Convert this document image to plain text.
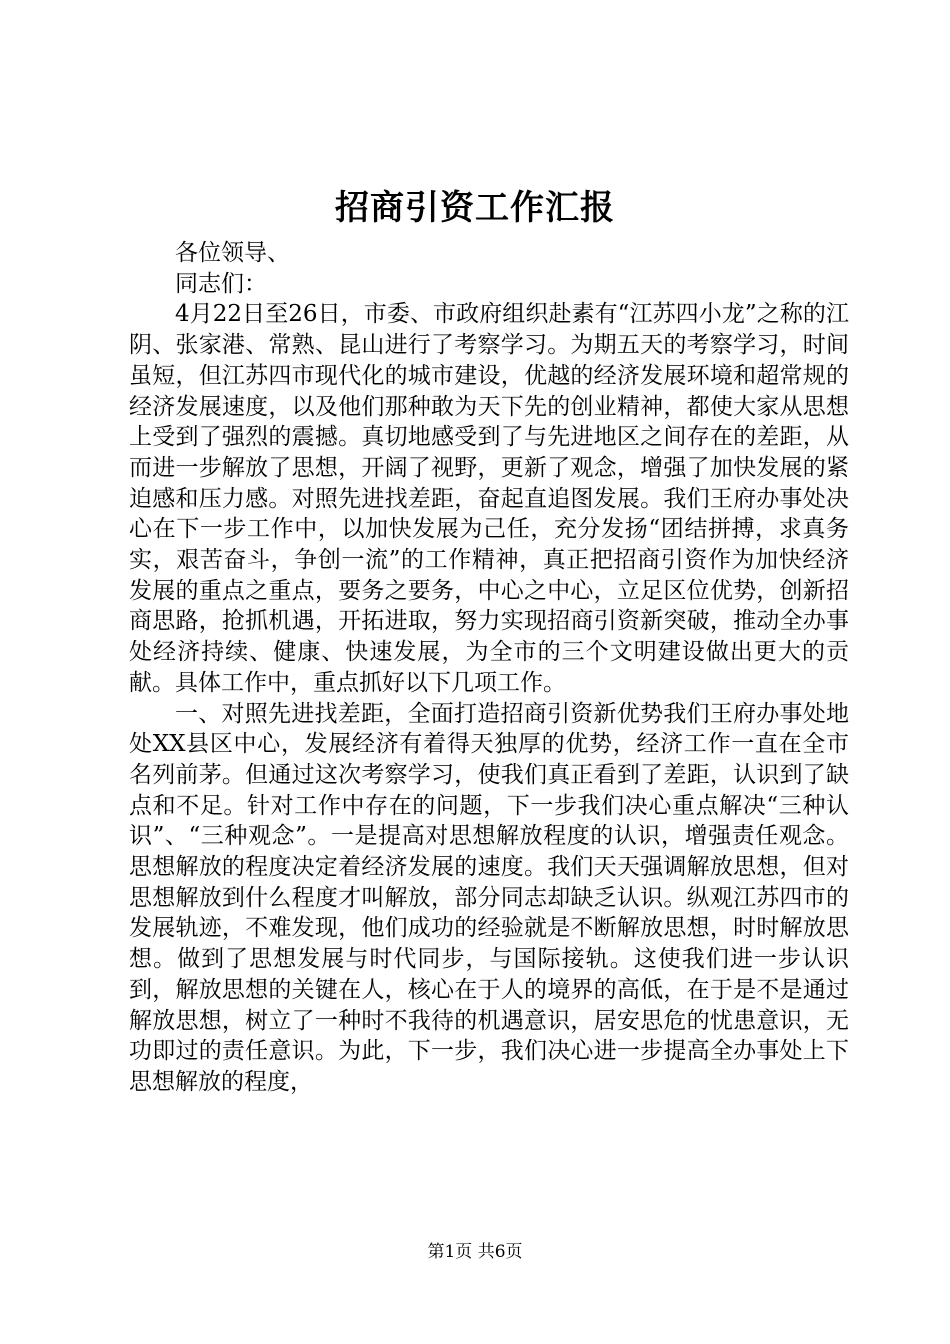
招商引资工作汇报

各位领导、

同志们：

4月22日至26日，市委、市政府组织赴素有“江苏四小龙”之称的江阴、张家港、常熟、昆山进行了考察学习。为期五天的考察学习，时间虽短，但江苏四市现代化的城市建设，优越的经济发展环境和超常规的经济发展速度，以及他们那种敢为天下先的创业精神，都使大家从思想上受到了强烈的震撼。真切地感受到了与先进地区之间存在的差距，从而进一步解放了思想，开阔了视野，更新了观念，增强了加快发展的紧迫感和压力感。对照先进找差距，奋起直追图发展。我们王府办事处决心在下一步工作中，以加快发展为己任，充分发扬“团结拼搏，求真务实，艰苦奋斗，争创一流”的工作精神，真正把招商引资作为加快经济发展的重点之重点，要务之要务，中心之中心，立足区位优势，创新招商思路，抢抓机遇，开拓进取，努力实现招商引资新突破，推动全办事处经济持续、健康、快速发展，为全市的三个文明建设做出更大的贡献。具体工作中，重点抓好以下几项工作。

一、对照先进找差距，全面打造招商引资新优势我们王府办事处地处XX县区中心，发展经济有着得天独厚的优势，经济工作一直在全市名列前茅。但通过这次考察学习，使我们真正看到了差距，认识到了缺点和不足。针对工作中存在的问题，下一步我们决心重点解决“三种认识”、“三种观念”。一是提高对思想解放程度的认识，增强责任观念。思想解放的程度决定着经济发展的速度。我们天天强调解放思想，但对思想解放到什么程度才叫解放，部分同志却缺乏认识。纵观江苏四市的发展轨迹，不难发现，他们成功的经验就是不断解放思想，时时解放思想。做到了思想发展与时代同步，与国际接轨。这使我们进一步认识到，解放思想的关键在人，核心在于人的境界的高低，在于是不是通过解放思想，树立了一种时不我待的机遇意识，居安思危的忧患意识，无功即过的责任意识。为此，下一步，我们决心进一步提高全办事处上下思想解放的程度，

第1页 共6页
